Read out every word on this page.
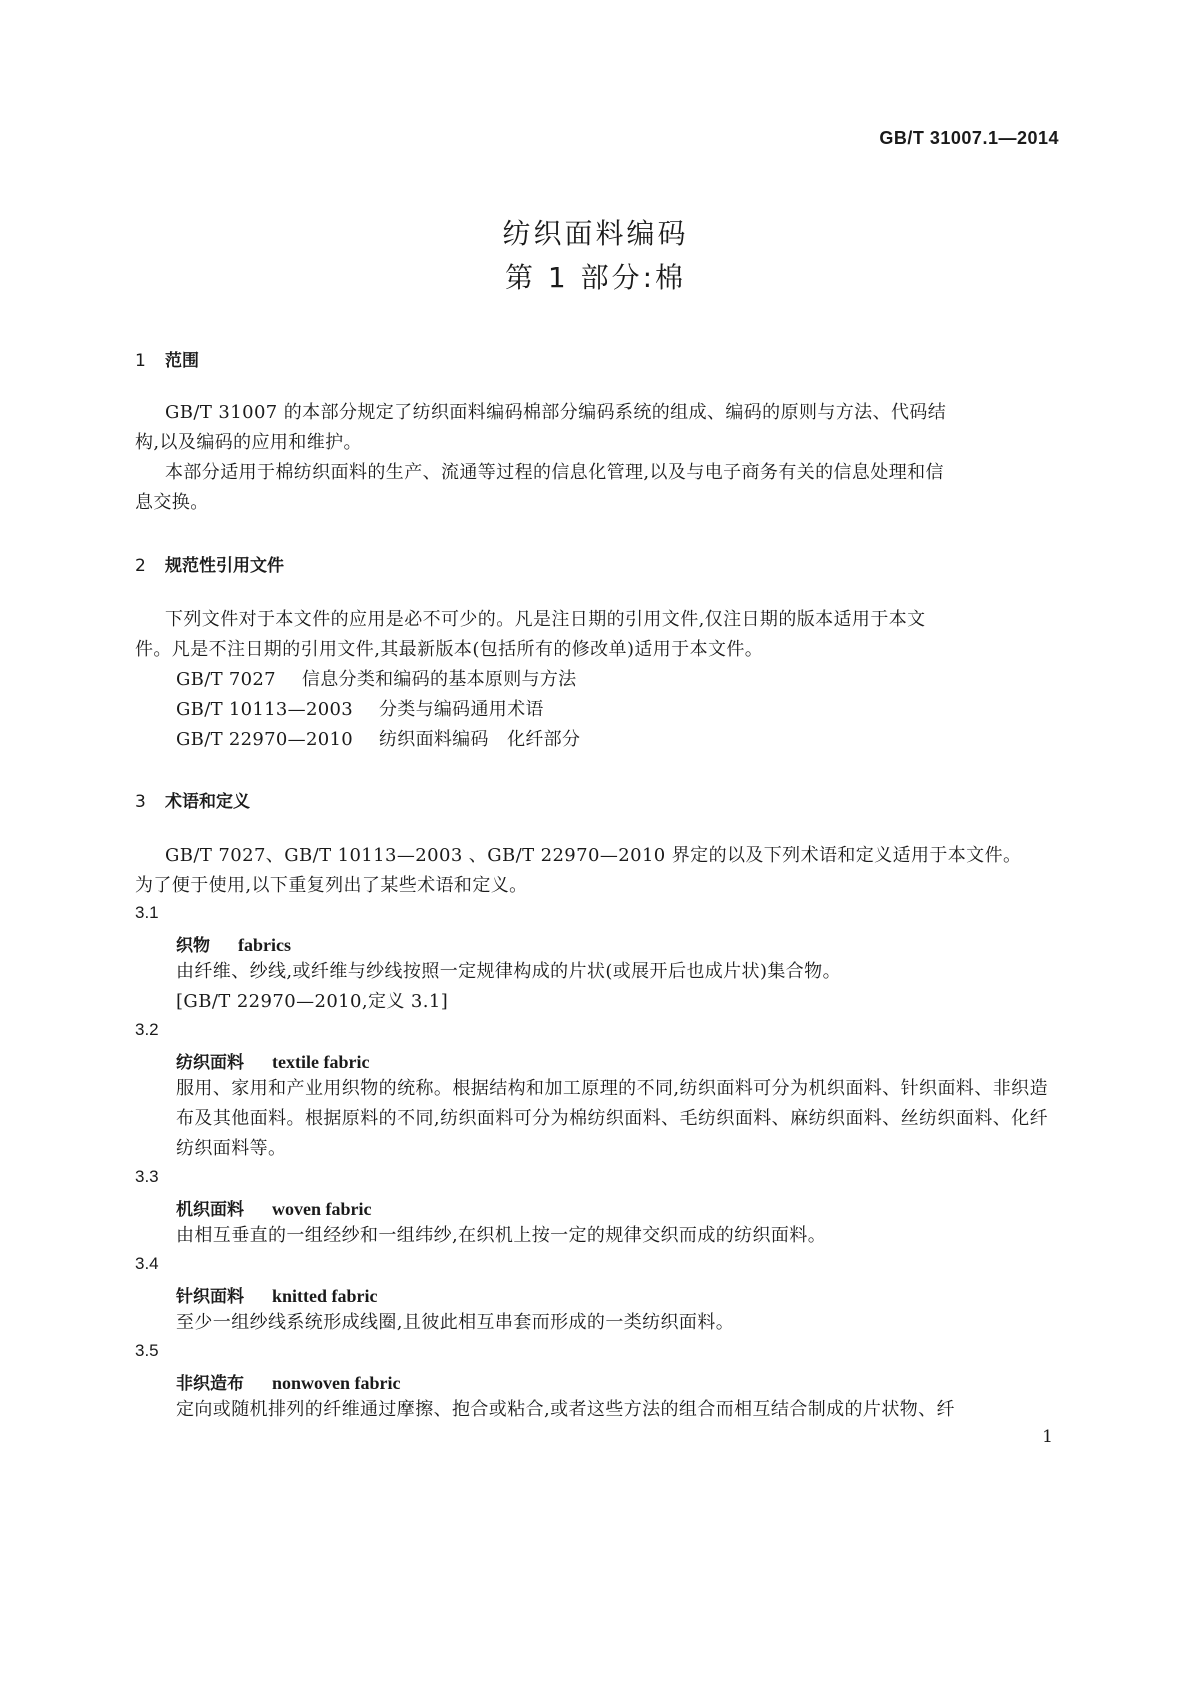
GB/T 31007.1—2014
纺织面料编码
第 1 部分:棉
1 范围
GB/T 31007 的本部分规定了纺织面料编码棉部分编码系统的组成、编码的原则与方法、代码结
构,以及编码的应用和维护。
本部分适用于棉纺织面料的生产、流通等过程的信息化管理,以及与电子商务有关的信息处理和信
息交换。
2 规范性引用文件
下列文件对于本文件的应用是必不可少的。凡是注日期的引用文件,仅注日期的版本适用于本文
件。凡是不注日期的引用文件,其最新版本(包括所有的修改单)适用于本文件。
GB/T 7027 信息分类和编码的基本原则与方法
GB/T 10113—2003 分类与编码通用术语
GB/T 22970—2010 纺织面料编码　化纤部分
3 术语和定义
GB/T 7027、GB/T 10113—2003 、GB/T 22970—2010 界定的以及下列术语和定义适用于本文件。
为了便于使用,以下重复列出了某些术语和定义。
3.1
织物 fabrics
由纤维、纱线,或纤维与纱线按照一定规律构成的片状(或展开后也成片状)集合物。
[GB/T 22970—2010,定义 3.1]
3.2
纺织面料 textile fabric
服用、家用和产业用织物的统称。根据结构和加工原理的不同,纺织面料可分为机织面料、针织面料、非织造布及其他面料。根据原料的不同,纺织面料可分为棉纺织面料、毛纺织面料、麻纺织面料、丝纺织面料、化纤纺织面料等。
3.3
机织面料 woven fabric
由相互垂直的一组经纱和一组纬纱,在织机上按一定的规律交织而成的纺织面料。
3.4
针织面料 knitted fabric
至少一组纱线系统形成线圈,且彼此相互串套而形成的一类纺织面料。
3.5
非织造布 nonwoven fabric
定向或随机排列的纤维通过摩擦、抱合或粘合,或者这些方法的组合而相互结合制成的片状物、纤
1
